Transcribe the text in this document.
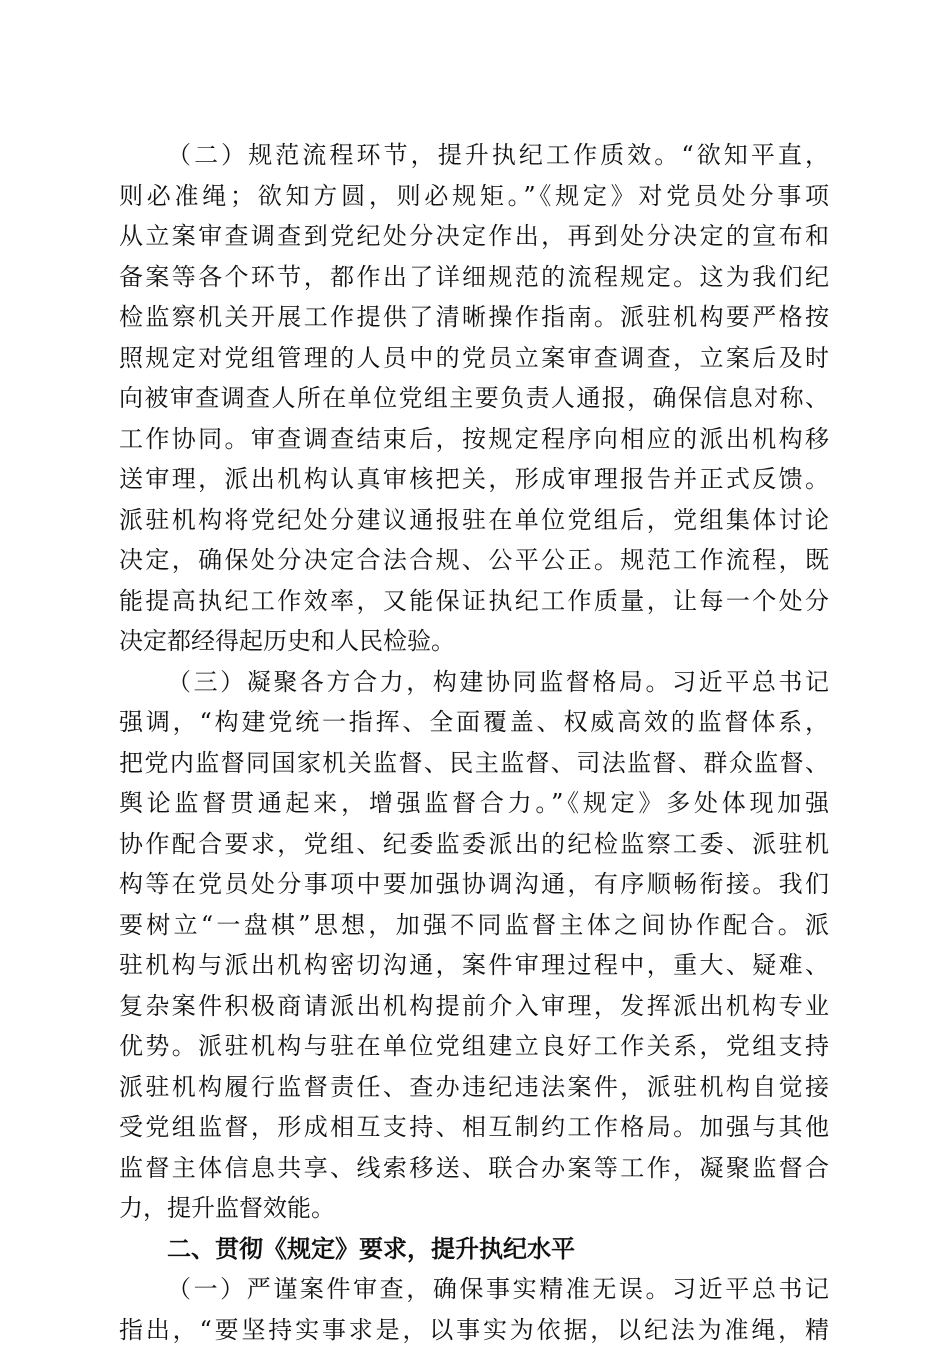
（二）规范流程环节，提升执纪工作质效。“欲知平直，
则必准绳；欲知方圆，则必规矩。”《规定》对党员处分事项
从立案审查调查到党纪处分决定作出，再到处分决定的宣布和
备案等各个环节，都作出了详细规范的流程规定。这为我们纪
检监察机关开展工作提供了清晰操作指南。派驻机构要严格按
照规定对党组管理的人员中的党员立案审查调查，立案后及时
向被审查调查人所在单位党组主要负责人通报，确保信息对称、
工作协同。审查调查结束后，按规定程序向相应的派出机构移
送审理，派出机构认真审核把关，形成审理报告并正式反馈。
派驻机构将党纪处分建议通报驻在单位党组后，党组集体讨论
决定，确保处分决定合法合规、公平公正。规范工作流程，既
能提高执纪工作效率，又能保证执纪工作质量，让每一个处分
决定都经得起历史和人民检验。
（三）凝聚各方合力，构建协同监督格局。习近平总书记
强调，“构建党统一指挥、全面覆盖、权威高效的监督体系，
把党内监督同国家机关监督、民主监督、司法监督、群众监督、
舆论监督贯通起来，增强监督合力。”《规定》多处体现加强
协作配合要求，党组、纪委监委派出的纪检监察工委、派驻机
构等在党员处分事项中要加强协调沟通，有序顺畅衔接。我们
要树立“一盘棋”思想，加强不同监督主体之间协作配合。派
驻机构与派出机构密切沟通，案件审理过程中，重大、疑难、
复杂案件积极商请派出机构提前介入审理，发挥派出机构专业
优势。派驻机构与驻在单位党组建立良好工作关系，党组支持
派驻机构履行监督责任、查办违纪违法案件，派驻机构自觉接
受党组监督，形成相互支持、相互制约工作格局。加强与其他
监督主体信息共享、线索移送、联合办案等工作，凝聚监督合
力，提升监督效能。
二、贯彻《规定》要求，提升执纪水平
（一）严谨案件审查，确保事实精准无误。习近平总书记
指出，“要坚持实事求是，以事实为依据，以纪法为准绳，精
